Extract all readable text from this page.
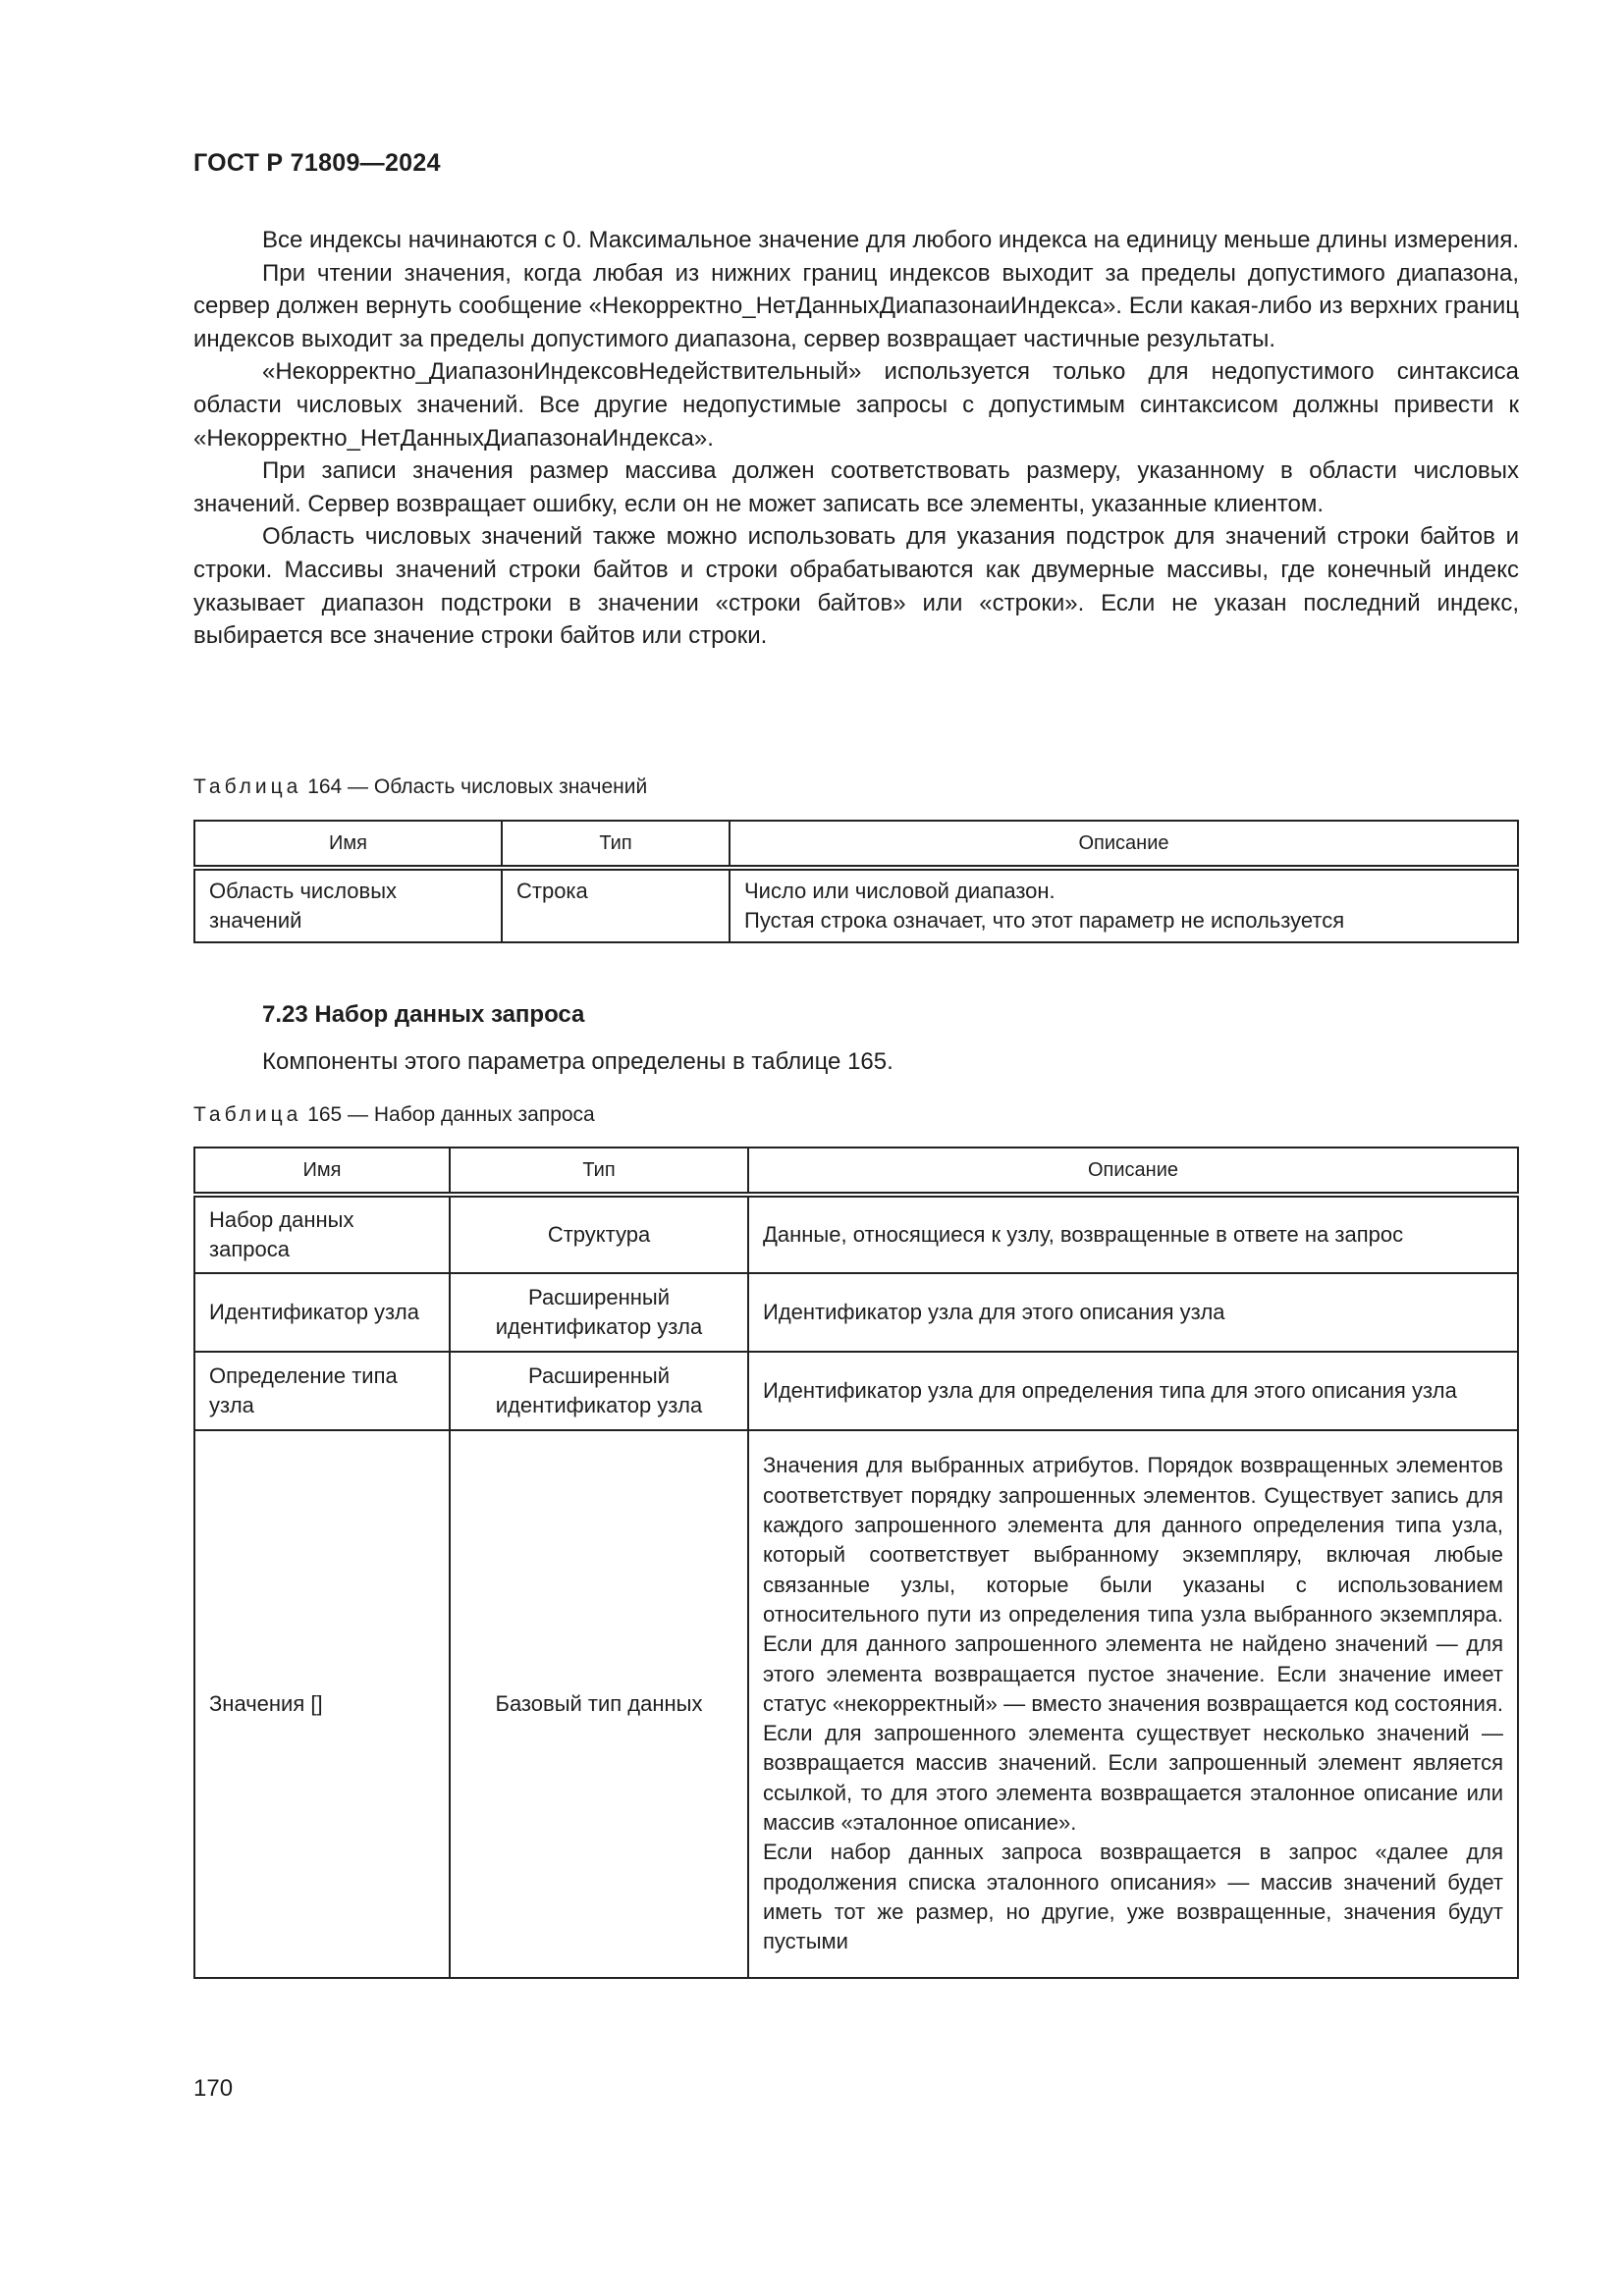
ГОСТ Р 71809—2024

Все индексы начинаются с 0. Максимальное значение для любого индекса на единицу меньше длины измерения.

При чтении значения, когда любая из нижних границ индексов выходит за пределы допустимого диапазона, сервер должен вернуть сообщение «Некорректно_НетДанныхДиапазонаиИндекса». Если какая-либо из верхних границ индексов выходит за пределы допустимого диапазона, сервер возвращает частичные результаты.

«Некорректно_ДиапазонИндексовНедействительный» используется только для недопустимого синтаксиса области числовых значений. Все другие недопустимые запросы с допустимым синтаксисом должны привести к «Некорректно_НетДанныхДиапазонаИндекса».

При записи значения размер массива должен соответствовать размеру, указанному в области числовых значений. Сервер возвращает ошибку, если он не может записать все элементы, указанные клиентом.

Область числовых значений также можно использовать для указания подстрок для значений строки байтов и строки. Массивы значений строки байтов и строки обрабатываются как двумерные массивы, где конечный индекс указывает диапазон подстроки в значении «строки байтов» или «строки». Если не указан последний индекс, выбирается все значение строки байтов или строки.

Таблица 164 — Область числовых значений
Имя	Тип	Описание
Область числовых значений	Строка	Число или числовой диапазон.
Пустая строка означает, что этот параметр не используется
7.23 Набор данных запроса
Компоненты этого параметра определены в таблице 165.
Таблица 165 — Набор данных запроса
Имя	Тип	Описание
Набор данных запроса	Структура	Данные, относящиеся к узлу, возвращенные в ответе на запрос
Идентификатор узла	Расширенный идентификатор узла	Идентификатор узла для этого описания узла
Определение типа узла	Расширенный идентификатор узла	Идентификатор узла для определения типа для этого описания узла
Значения []	Базовый тип данных	Значения для выбранных атрибутов. Порядок возвращенных элементов соответствует порядку запрошенных элементов. Существует запись для каждого запрошенного элемента для данного определения типа узла, который соответствует выбранному экземпляру, включая любые связанные узлы, которые были указаны с использованием относительного пути из определения типа узла выбранного экземпляра. Если для данного запрошенного элемента не найдено значений — для этого элемента возвращается пустое значение. Если значение имеет статус «некорректный» — вместо значения возвращается код состояния. Если для запрошенного элемента существует несколько значений — возвращается массив значений. Если запрошенный элемент является ссылкой, то для этого элемента возвращается эталонное описание или массив «эталонное описание».
Если набор данных запроса возвращается в запрос «далее для продолжения списка эталонного описания» — массив значений будет иметь тот же размер, но другие, уже возвращенные, значения будут пустыми
170
